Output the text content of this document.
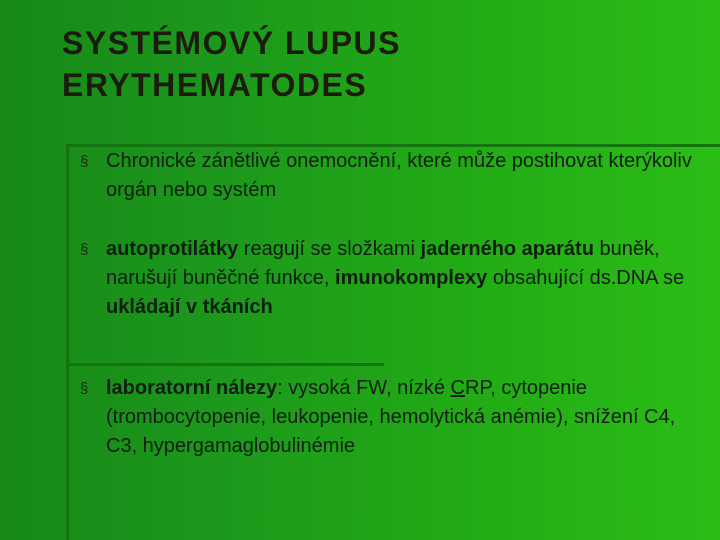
SYSTÉMOVÝ LUPUS
ERYTHEMATODES
§ Chronické zánětlivé onemocnění, které může postihovat kterýkoliv orgán nebo systém
§ autoprotilátky reagují se složkami jaderného aparátu buněk, narušují buněčné funkce, imunokomplexy obsahující ds.DNA se ukládají v tkáních
§ laboratorní nálezy: vysoká FW, nízké CRP, cytopenie (trombocytopenie, leukopenie, hemolytická anémie), snížení C4, C3, hypergamaglobulinémie
